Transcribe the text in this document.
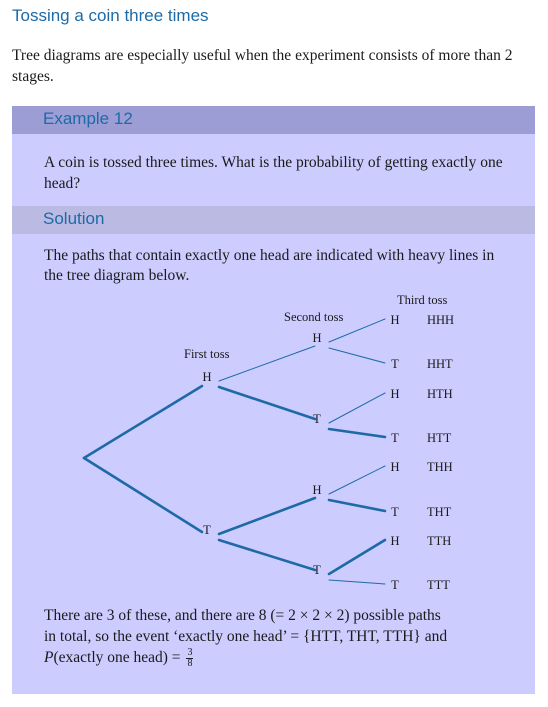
Tossing a coin three times
Tree diagrams are especially useful when the experiment consists of more than 2 stages.
Example 12
A coin is tossed three times. What is the probability of getting exactly one head?
Solution
The paths that contain exactly one head are indicated with heavy lines in the tree diagram below.
Third toss
Second toss
First toss
H
T
H
T
H
T
H HHH
T HHT
H HTH
T HTT
H THH
T THT
H TTH
T TTT
There are 3 of these, and there are 8 (= 2 × 2 × 2) possible paths
in total, so the event ‘exactly one head’ = {HTT, THT, TTH} and
P(exactly one head) = $\frac{3}{8}$
